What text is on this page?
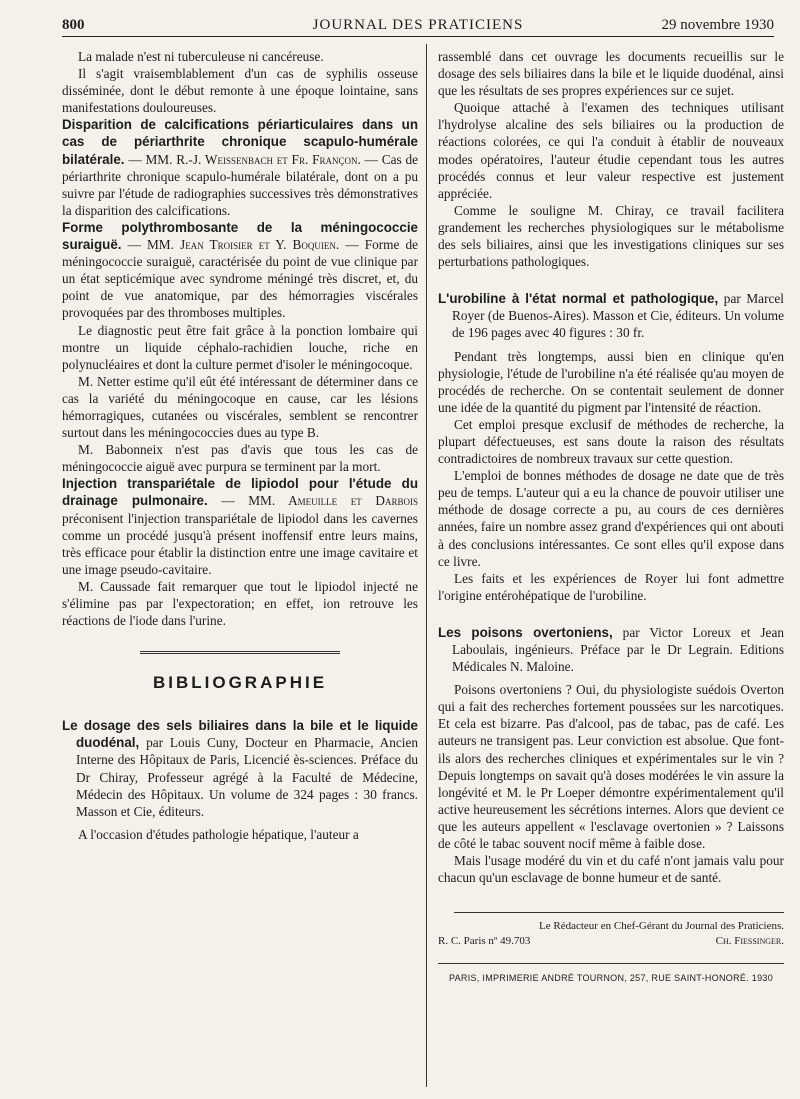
800	JOURNAL DES PRATICIENS	29 novembre 1930

La malade n'est ni tuberculeuse ni cancéreuse.

Il s'agit vraisemblablement d'un cas de syphilis osseuse disséminée, dont le début remonte à une époque lointaine, sans manifestations douloureuses.

Disparition de calcifications périarticulaires dans un cas de périarthrite chronique scapulo-humérale bilatérale. — MM. R.-J. Weissenbach et Fr. Françon. — Cas de périarthrite chronique scapulo-humérale bilatérale, dont on a pu suivre par l'étude de radiographies successives très démonstratives la disparition des calcifications.

Forme polythrombosante de la méningococcie suraiguë. — MM. Jean Troisier et Y. Boquien. — Forme de méningococcie suraiguë, caractérisée du point de vue clinique par un état septicémique avec syndrome méningé très discret, et, du point de vue anatomique, par des hémorragies viscérales provoquées par des thromboses multiples.

Le diagnostic peut être fait grâce à la ponction lombaire qui montre un liquide céphalo-rachidien louche, riche en polynucléaires et dont la culture permet d'isoler le méningocoque.

M. Netter estime qu'il eût été intéressant de déterminer dans ce cas la variété du méningocoque en cause, car les lésions hémorragiques, cutanées ou viscérales, semblent se rencontrer surtout dans les méningococcies dues au type B.

M. Babonneix n'est pas d'avis que tous les cas de méningococcie aiguë avec purpura se terminent par la mort.

Injection transpariétale de lipiodol pour l'étude du drainage pulmonaire. — MM. Ameuille et Darbois préconisent l'injection transpariétale de lipiodol dans les cavernes comme un procédé jusqu'à présent inoffensif entre leurs mains, très efficace pour établir la distinction entre une image cavitaire et une image pseudo-cavitaire.

M. Caussade fait remarquer que tout le lipiodol injecté ne s'élimine pas par l'expectoration; en effet, ion retrouve les réactions de l'iode dans l'urine.

BIBLIOGRAPHIE

Le dosage des sels biliaires dans la bile et le liquide duodénal, par Louis Cuny, Docteur en Pharmacie, Ancien Interne des Hôpitaux de Paris, Licencié ès-sciences. Préface du Dr Chiray, Professeur agrégé à la Faculté de Médecine, Médecin des Hôpitaux. Un volume de 324 pages : 30 francs. Masson et Cie, éditeurs.

A l'occasion d'études pathologie hépatique, l'auteur a

rassemblé dans cet ouvrage les documents recueillis sur le dosage des sels biliaires dans la bile et le liquide duodénal, ainsi que les résultats de ses propres expériences sur ce sujet.

Quoique attaché à l'examen des techniques utilisant l'hydrolyse alcaline des sels biliaires ou la production de réactions colorées, ce qui l'a conduit à établir de nouveaux modes opératoires, l'auteur étudie cependant tous les autres procédés connus et leur valeur respective est justement appréciée.

Comme le souligne M. Chiray, ce travail facilitera grandement les recherches physiologiques sur le métabolisme des sels biliaires, ainsi que les investigations cliniques sur ses perturbations pathologiques.

L'urobiline à l'état normal et pathologique, par Marcel Royer (de Buenos-Aires). Masson et Cie, éditeurs. Un volume de 196 pages avec 40 figures : 30 fr.

Pendant très longtemps, aussi bien en clinique qu'en physiologie, l'étude de l'urobiline n'a été réalisée qu'au moyen de procédés de recherche. On se contentait seulement de donner une idée de la quantité du pigment par l'intensité de réaction.

Cet emploi presque exclusif de méthodes de recherche, la plupart défectueuses, est sans doute la raison des résultats contradictoires de nombreux travaux sur cette question.

L'emploi de bonnes méthodes de dosage ne date que de très peu de temps. L'auteur qui a eu la chance de pouvoir utiliser une méthode de dosage correcte a pu, au cours de ces dernières années, faire un nombre assez grand d'expériences qui ont abouti à des conclusions intéressantes. Ce sont elles qu'il expose dans ce livre.

Les faits et les expériences de Royer lui font admettre l'origine entérohépatique de l'urobiline.

Les poisons overtoniens, par Victor Loreux et Jean Laboulais, ingénieurs. Préface par le Dr Legrain. Editions Médicales N. Maloine.

Poisons overtoniens ? Oui, du physiologiste suédois Overton qui a fait des recherches fortement poussées sur les narcotiques. Et cela est bizarre. Pas d'alcool, pas de tabac, pas de café. Les auteurs ne transigent pas. Leur conviction est absolue. Que font-ils alors des recherches cliniques et expérimentales sur le vin ? Depuis longtemps on savait qu'à doses modérées le vin assure la longévité et M. le Pr Loeper démontre expérimentalement qu'il active heureusement les sécrétions internes. Alors que devient ce que les auteurs appellent « l'esclavage overtonien » ? Laissons de côté le tabac souvent nocif même à faible dose.

Mais l'usage modéré du vin et du café n'ont jamais valu pour chacun qu'un esclavage de bonne humeur et de santé.

Le Rédacteur en Chef-Gérant du Journal des Praticiens.

R. C. Paris nº 49.703	Ch. Fiessinger.
PARIS, IMPRIMERIE ANDRÉ TOURNON, 257, RUE SAINT-HONORÉ. 1930
